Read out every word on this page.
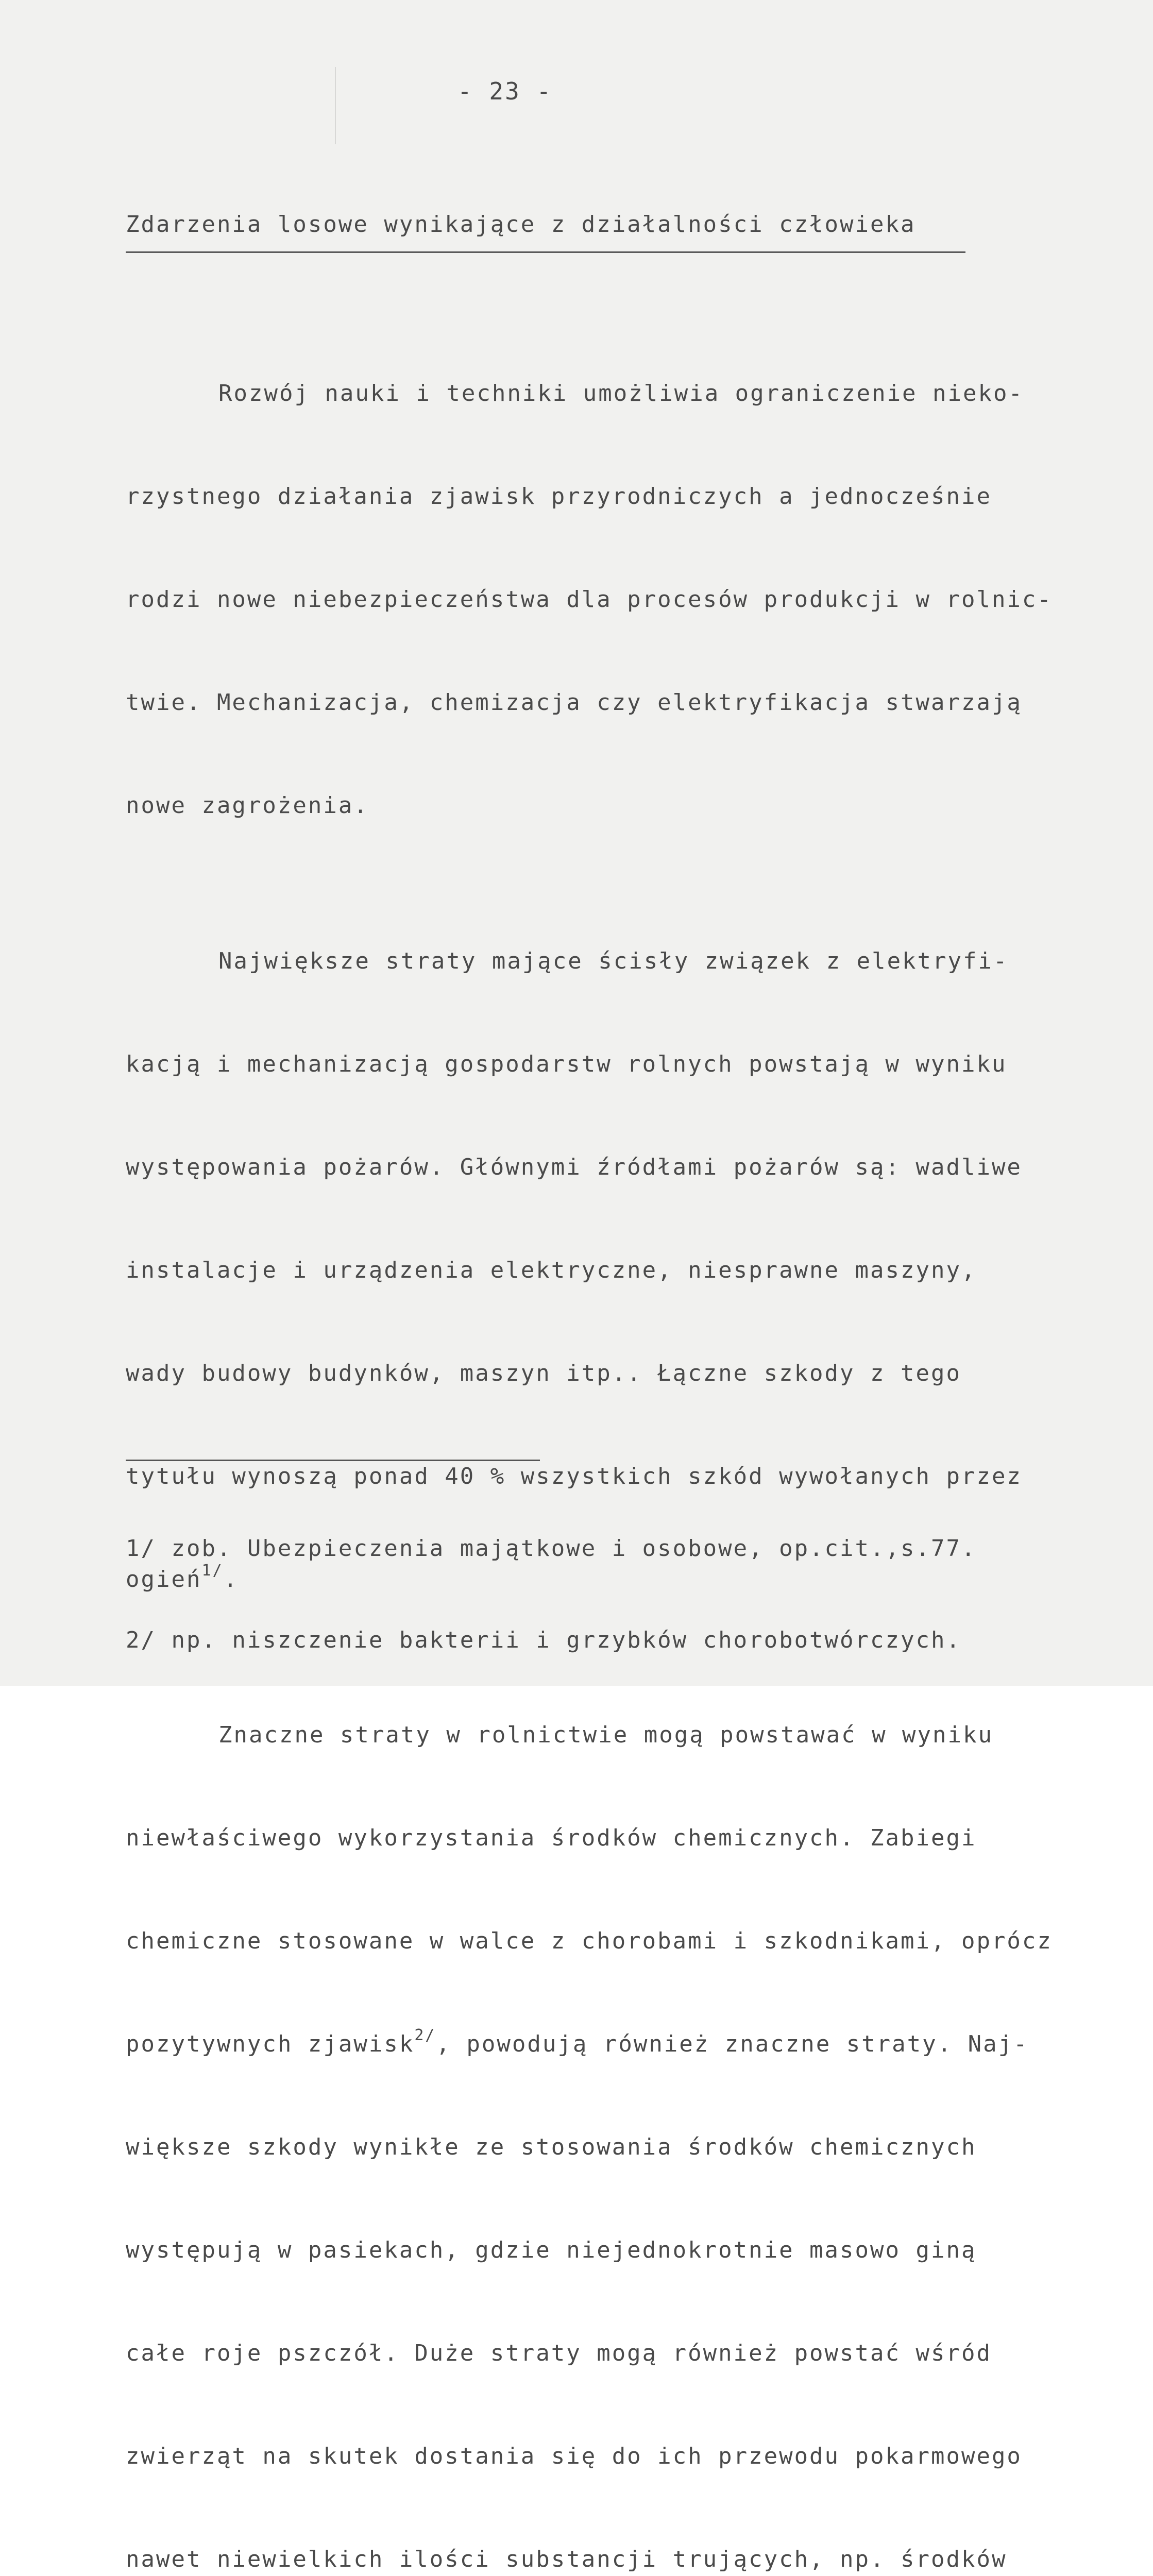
- 23 -
Zdarzenia losowe wynikające z działalności człowieka

Rozwój nauki i techniki umożliwia ograniczenie nieko-

rzystnego działania zjawisk przyrodniczych a jednocześnie

rodzi nowe niebezpieczeństwa dla procesów produkcji w rolnic-

twie. Mechanizacja, chemizacja czy elektryfikacja stwarzają

nowe zagrożenia.

Największe straty mające ścisły związek z elektryfi-

kacją i mechanizacją gospodarstw rolnych powstają w wyniku

występowania pożarów. Głównymi źródłami pożarów są: wadliwe

instalacje i urządzenia elektryczne, niesprawne maszyny,

wady budowy budynków, maszyn itp.. Łączne szkody z tego

tytułu wynoszą ponad 40 % wszystkich szkód wywołanych przez

ogień$^{1/}$.

Znaczne straty w rolnictwie mogą powstawać w wyniku

niewłaściwego wykorzystania środków chemicznych. Zabiegi

chemiczne stosowane w walce z chorobami i szkodnikami, oprócz

pozytywnych zjawisk$^{2/}$, powodują również znaczne straty. Naj-

większe szkody wynikłe ze stosowania środków chemicznych

występują w pasiekach, gdzie niejednokrotnie masowo giną

całe roje pszczół. Duże straty mogą również powstać wśród

zwierząt na skutek dostania się do ich przewodu pokarmowego

nawet niewielkich ilości substancji trujących, np. środków

1/ zob. Ubezpieczenia majątkowe i osobowe, op.cit.,s.77.

2/ np. niszczenie bakterii i grzybków chorobotwórczych.
